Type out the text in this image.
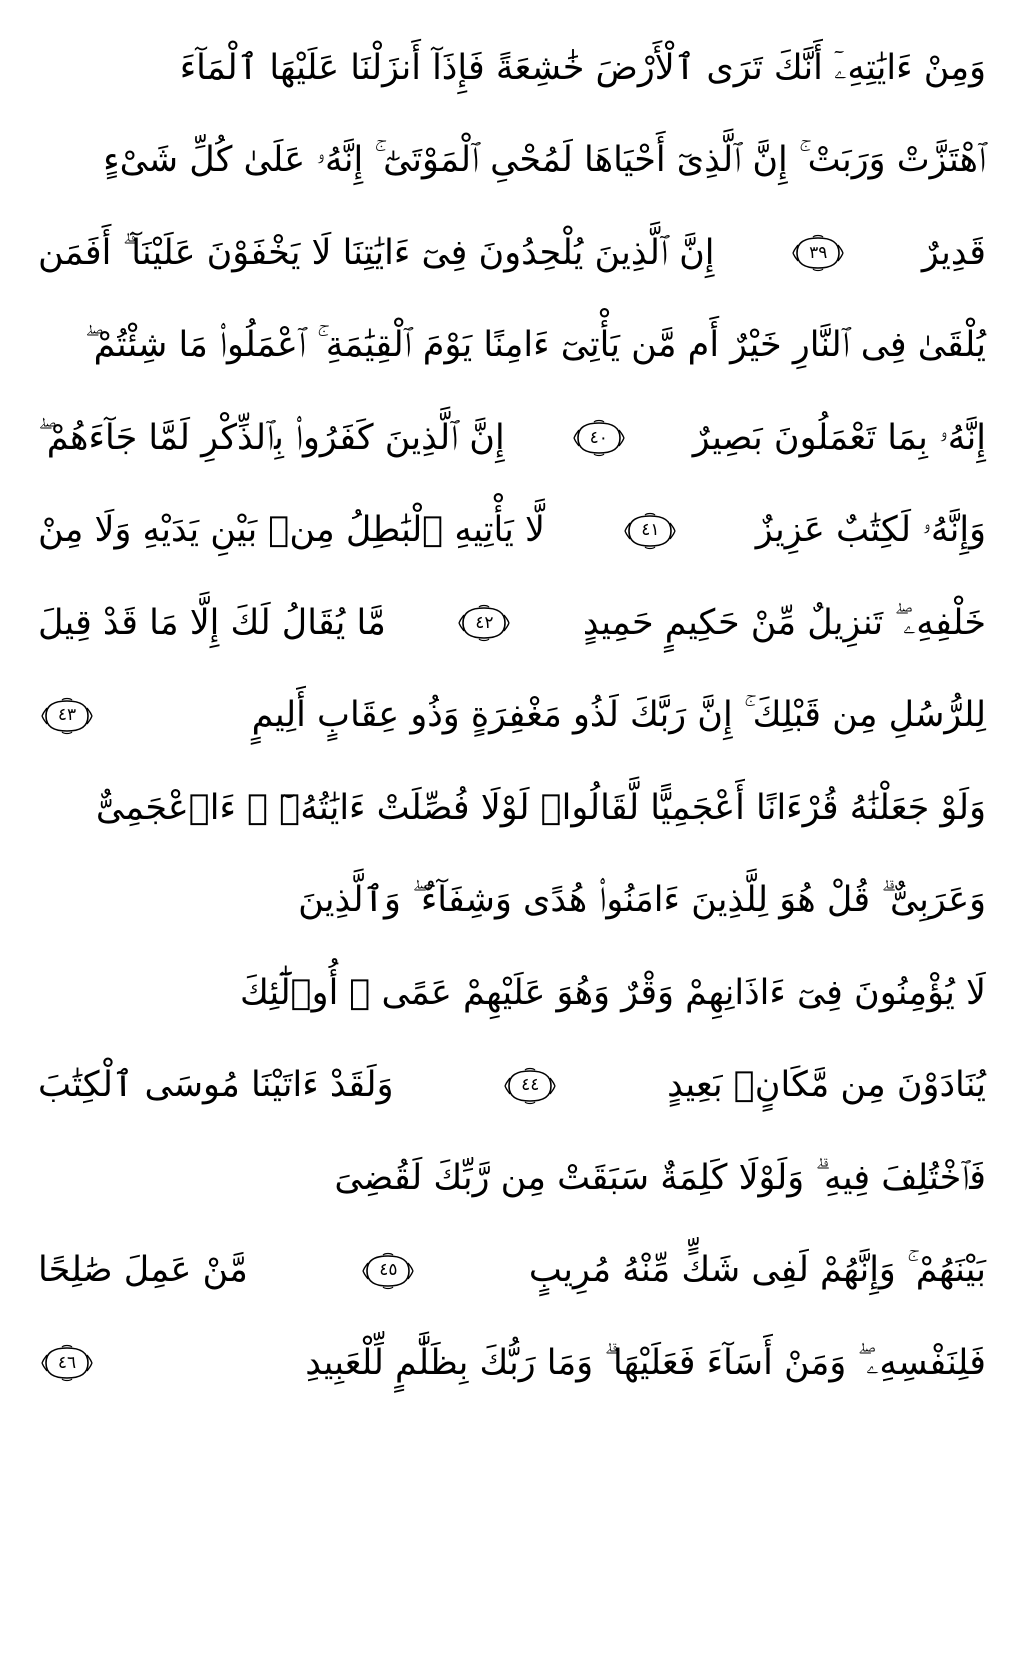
وَمِنْ ءَايَٰتِهِۦٓ أَنَّكَ تَرَى ٱلْأَرْضَ خَٰشِعَةً فَإِذَآ أَنزَلْنَا عَلَيْهَا ٱلْمَآءَ
ٱهْتَزَّتْ وَرَبَتْ ۚ إِنَّ ٱلَّذِىٓ أَحْيَاهَا لَمُحْىِ ٱلْمَوْتَىٰٓ ۚ إِنَّهُۥ عَلَىٰ كُلِّ شَىْءٍ
قَدِيرٌ
٣٩
إِنَّ ٱلَّذِينَ يُلْحِدُونَ فِىٓ ءَايَٰتِنَا لَا يَخْفَوْنَ عَلَيْنَآ ۗ أَفَمَن
يُلْقَىٰ فِى ٱلنَّارِ خَيْرٌ أَم مَّن يَأْتِىٓ ءَامِنًا يَوْمَ ٱلْقِيَٰمَةِ ۚ ٱعْمَلُوا۟ مَا شِئْتُمْ ۖ
إِنَّهُۥ بِمَا تَعْمَلُونَ بَصِيرٌ
٤٠
إِنَّ ٱلَّذِينَ كَفَرُوا۟ بِٱلذِّكْرِ لَمَّا جَآءَهُمْ ۖ
وَإِنَّهُۥ لَكِتَٰبٌ عَزِيزٌ
٤١
لَّا يَأْتِيهِ ٱلْبَٰطِلُ مِنۢ بَيْنِ يَدَيْهِ وَلَا مِنْ
خَلْفِهِۦ ۖ تَنزِيلٌ مِّنْ حَكِيمٍ حَمِيدٍ
٤٢
مَّا يُقَالُ لَكَ إِلَّا مَا قَدْ قِيلَ
لِلرُّسُلِ مِن قَبْلِكَ ۚ إِنَّ رَبَّكَ لَذُو مَغْفِرَةٍ وَذُو عِقَابٍ أَلِيمٍ
٤٣
وَلَوْ جَعَلْنَٰهُ قُرْءَانًا أَعْجَمِيًّا لَّقَالُوا۟ لَوْلَا فُصِّلَتْ ءَايَٰتُهُۥٓ ۖ ءَا۬عْجَمِىٌّ
وَعَرَبِىٌّ ۗ قُلْ هُوَ لِلَّذِينَ ءَامَنُوا۟ هُدًى وَشِفَآءٌ ۖ وَٱلَّذِينَ
لَا يُؤْمِنُونَ فِىٓ ءَاذَانِهِمْ وَقْرٌ وَهُوَ عَلَيْهِمْ عَمًى ۚ أُو۟لَٰٓئِكَ
يُنَادَوْنَ مِن مَّكَانٍۭ بَعِيدٍ
٤٤
وَلَقَدْ ءَاتَيْنَا مُوسَى ٱلْكِتَٰبَ
فَٱخْتُلِفَ فِيهِ ۗ وَلَوْلَا كَلِمَةٌ سَبَقَتْ مِن رَّبِّكَ لَقُضِىَ
بَيْنَهُمْ ۚ وَإِنَّهُمْ لَفِى شَكٍّ مِّنْهُ مُرِيبٍ
٤٥
مَّنْ عَمِلَ صَٰلِحًا
فَلِنَفْسِهِۦ ۖ وَمَنْ أَسَآءَ فَعَلَيْهَا ۗ وَمَا رَبُّكَ بِظَلَّٰمٍ لِّلْعَبِيدِ
٤٦
